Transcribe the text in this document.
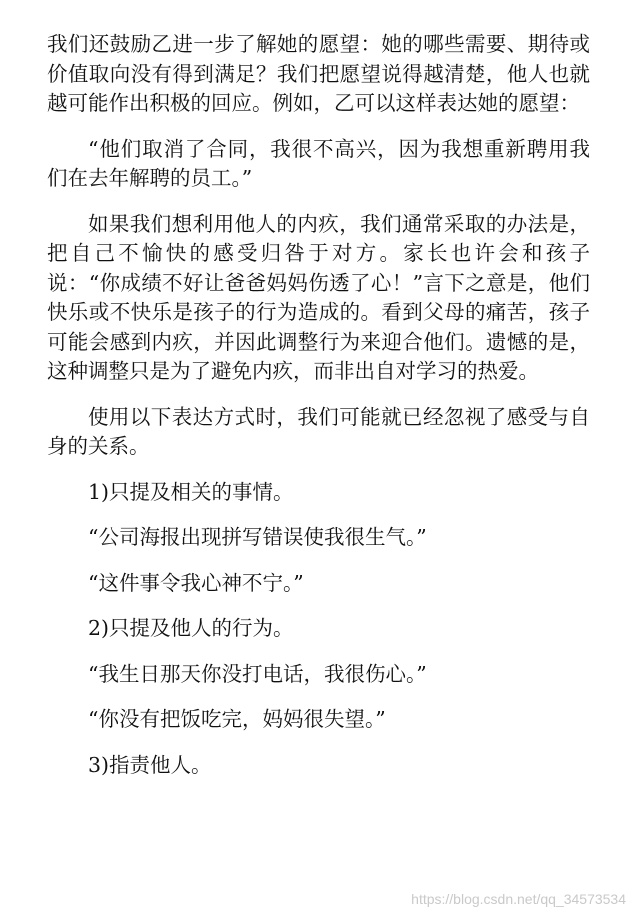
我们还鼓励乙进一步了解她的愿望：她的哪些需要、期待或价值取向没有得到满足？我们把愿望说得越清楚，他人也就越可能作出积极的回应。例如，乙可以这样表达她的愿望：

“他们取消了合同，我很不高兴，因为我想重新聘用我们在去年解聘的员工。”

如果我们想利用他人的内疚，我们通常采取的办法是，把自己不愉快的感受归咎于对方。家长也许会和孩子说：“你成绩不好让爸爸妈妈伤透了心！”言下之意是，他们快乐或不快乐是孩子的行为造成的。看到父母的痛苦，孩子可能会感到内疚，并因此调整行为来迎合他们。遗憾的是，这种调整只是为了避免内疚，而非出自对学习的热爱。

使用以下表达方式时，我们可能就已经忽视了感受与自身的关系。

1)只提及相关的事情。

“公司海报出现拼写错误使我很生气。”

“这件事令我心神不宁。”

2)只提及他人的行为。

“我生日那天你没打电话，我很伤心。”

“你没有把饭吃完，妈妈很失望。”

3)指责他人。

https://blog.csdn.net/qq_34573534
